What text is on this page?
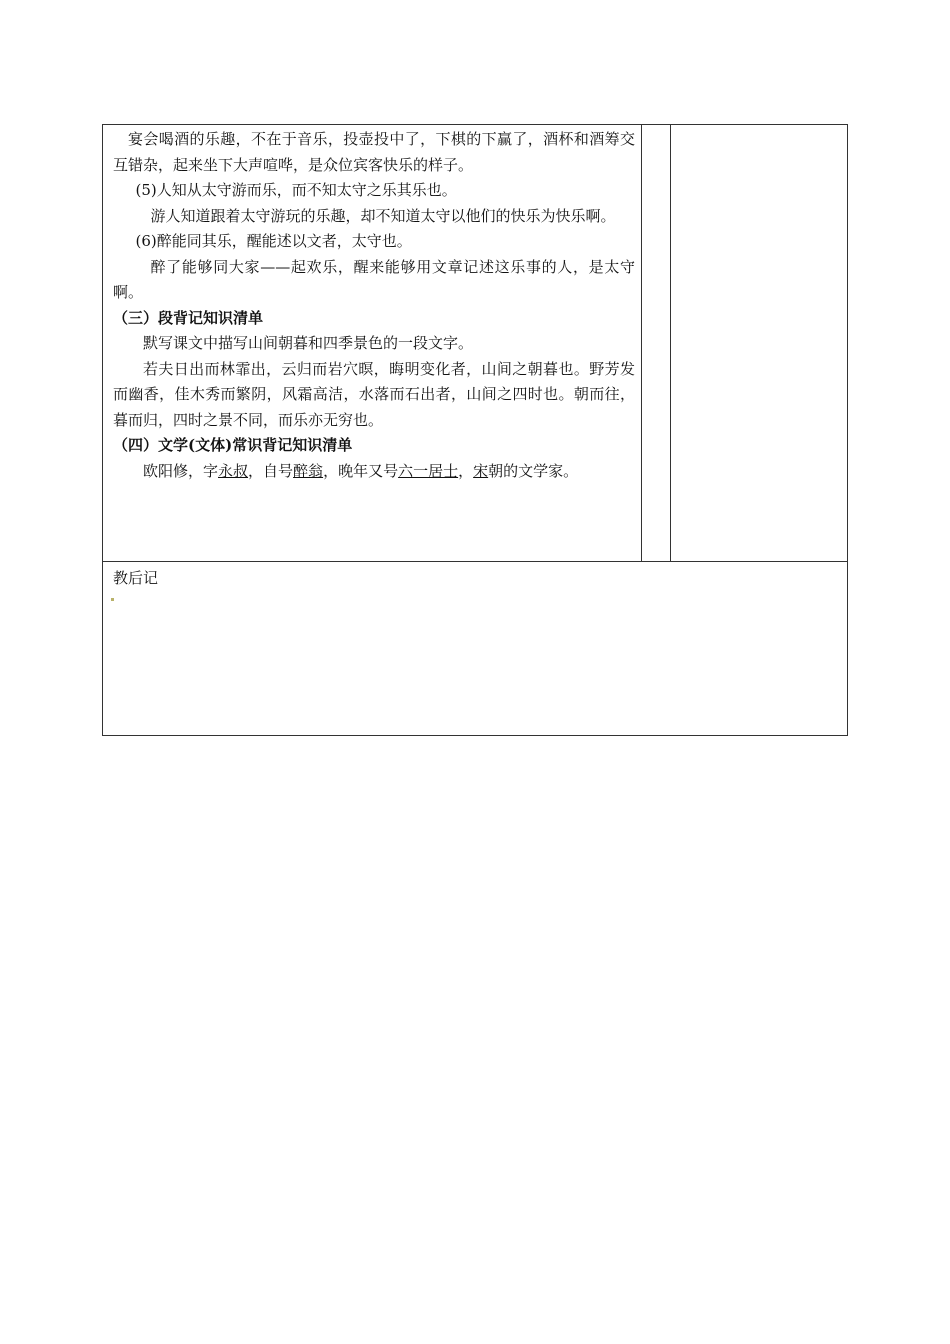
宴会喝酒的乐趣，不在于音乐，投壶投中了，下棋的下赢了，酒杯和酒筹交互错杂，起来坐下大声喧哗，是众位宾客快乐的样子。

(5)人知从太守游而乐，而不知太守之乐其乐也。

游人知道跟着太守游玩的乐趣，却不知道太守以他们的快乐为快乐啊。

(6)醉能同其乐，醒能述以文者，太守也。

醉了能够同大家——起欢乐，醒来能够用文章记述这乐事的人，是太守啊。

（三）段背记知识清单

默写课文中描写山间朝暮和四季景色的一段文字。

若夫日出而林霏出，云归而岩穴暝，晦明变化者，山间之朝暮也。野芳发而幽香，佳木秀而繁阴，风霜高洁，水落而石出者，山间之四时也。朝而往，暮而归，四时之景不同，而乐亦无穷也。

（四）文学(文体)常识背记知识清单

欧阳修，字永叔，自号醉翁，晚年又号六一居士，宋朝的文学家。

教后记
